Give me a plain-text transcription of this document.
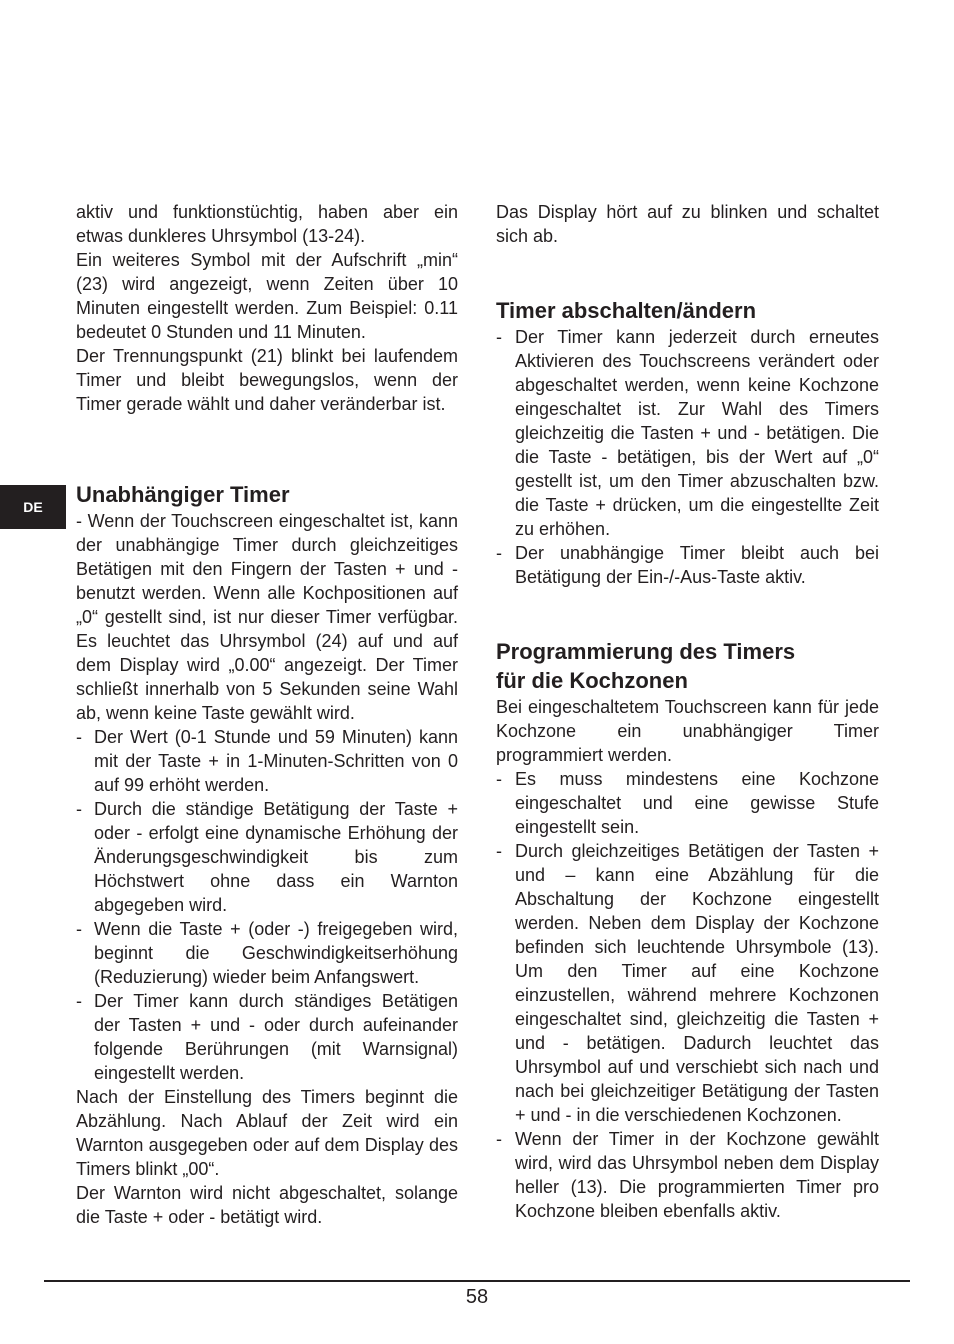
DE

aktiv und funktionstüchtig, haben aber ein etwas dunkleres Uhrsymbol (13-24).

Ein weiteres Symbol mit der Aufschrift „min“ (23) wird angezeigt, wenn Zeiten über 10 Minuten eingestellt werden. Zum Beispiel: 0.11 bedeutet 0 Stunden und 11 Minuten.

Der Trennungspunkt (21) blinkt bei laufendem Timer und bleibt bewegungslos, wenn der Timer gerade wählt und daher veränderbar ist.

Unabhängiger Timer

- Wenn der Touchscreen eingeschaltet ist, kann der unabhängige Timer durch gleichzeitiges Betätigen mit den Fingern der Tasten + und - benutzt werden. Wenn alle Kochpositionen auf „0“ gestellt sind, ist nur dieser Timer verfügbar. Es leuchtet das Uhrsymbol (24) auf und auf dem Display wird „0.00“ angezeigt. Der Timer schließt innerhalb von 5 Sekunden seine Wahl ab, wenn keine Taste gewählt wird.

- Der Wert (0-1 Stunde und 59 Minuten) kann mit der Taste + in 1-Minuten-Schritten von 0 auf 99 erhöht werden.
- Durch die ständige Betätigung der Taste + oder - erfolgt eine dynamische Erhöhung der Änderungsgeschwindigkeit bis zum Höchstwert ohne dass ein Warnton abgegeben wird.
- Wenn die Taste + (oder -) freigegeben wird, beginnt die Geschwindigkeitserhöhung (Reduzierung) wieder beim Anfangswert.
- Der Timer kann durch ständiges Betätigen der Tasten + und - oder durch aufeinander folgende Berührungen (mit Warnsignal) eingestellt werden.

Nach der Einstellung des Timers beginnt die Abzählung. Nach Ablauf der Zeit wird ein Warnton ausgegeben oder auf dem Display des Timers blinkt „00“.

Der Warnton wird nicht abgeschaltet, solange die Taste + oder - betätigt wird.

Das Display hört auf zu blinken und schaltet sich ab.

Timer abschalten/ändern
- Der Timer kann jederzeit durch erneutes Aktivieren des Touchscreens verändert oder abgeschaltet werden, wenn keine Kochzone eingeschaltet ist. Zur Wahl des Timers gleichzeitig die Tasten + und - betätigen. Die die Taste - betätigen, bis der Wert auf „0“ gestellt ist, um den Timer abzuschalten bzw. die Taste + drücken, um die eingestellte Zeit zu erhöhen.
- Der unabhängige Timer bleibt auch bei Betätigung der Ein-/-Aus-Taste aktiv.
Programmierung des Timers
für die Kochzonen

Bei eingeschaltetem Touchscreen kann für jede Kochzone ein unabhängiger Timer programmiert werden.

- Es muss mindestens eine Kochzone eingeschaltet und eine gewisse Stufe eingestellt sein.
- Durch gleichzeitiges Betätigen der Tasten + und – kann eine Abzählung für die Abschaltung der Kochzone eingestellt werden. Neben dem Display der Kochzone befinden sich leuchtende Uhrsymbole (13). Um den Timer auf eine Kochzone einzustellen, während mehrere Kochzonen eingeschaltet sind, gleichzeitig die Tasten + und - betätigen. Dadurch leuchtet das Uhrsymbol auf und verschiebt sich nach und nach bei gleichzeitiger Betätigung der Tasten + und - in die verschiedenen Kochzonen.
- Wenn der Timer in der Kochzone gewählt wird, wird das Uhrsymbol neben dem Display heller (13). Die programmierten Timer pro Kochzone bleiben ebenfalls aktiv.
58
